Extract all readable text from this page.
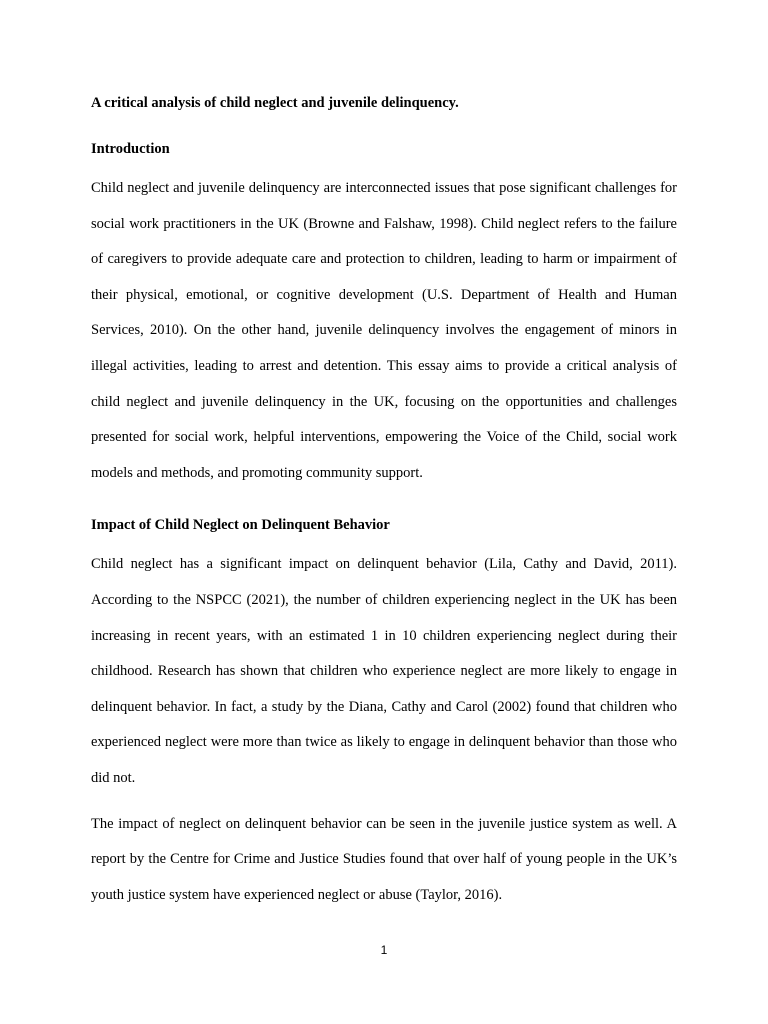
A critical analysis of child neglect and juvenile delinquency.
Introduction

Child neglect and juvenile delinquency are interconnected issues that pose significant challenges for social work practitioners in the UK (Browne and Falshaw, 1998). Child neglect refers to the failure of caregivers to provide adequate care and protection to children, leading to harm or impairment of their physical, emotional, or cognitive development (U.S. Department of Health and Human Services, 2010). On the other hand, juvenile delinquency involves the engagement of minors in illegal activities, leading to arrest and detention. This essay aims to provide a critical analysis of child neglect and juvenile delinquency in the UK, focusing on the opportunities and challenges presented for social work, helpful interventions, empowering the Voice of the Child, social work models and methods, and promoting community support.

Impact of Child Neglect on Delinquent Behavior

Child neglect has a significant impact on delinquent behavior (Lila, Cathy and David, 2011). According to the NSPCC (2021), the number of children experiencing neglect in the UK has been increasing in recent years, with an estimated 1 in 10 children experiencing neglect during their childhood. Research has shown that children who experience neglect are more likely to engage in delinquent behavior. In fact, a study by the Diana, Cathy and Carol (2002) found that children who experienced neglect were more than twice as likely to engage in delinquent behavior than those who did not.

The impact of neglect on delinquent behavior can be seen in the juvenile justice system as well. A report by the Centre for Crime and Justice Studies found that over half of young people in the UK’s youth justice system have experienced neglect or abuse (Taylor, 2016).

1
